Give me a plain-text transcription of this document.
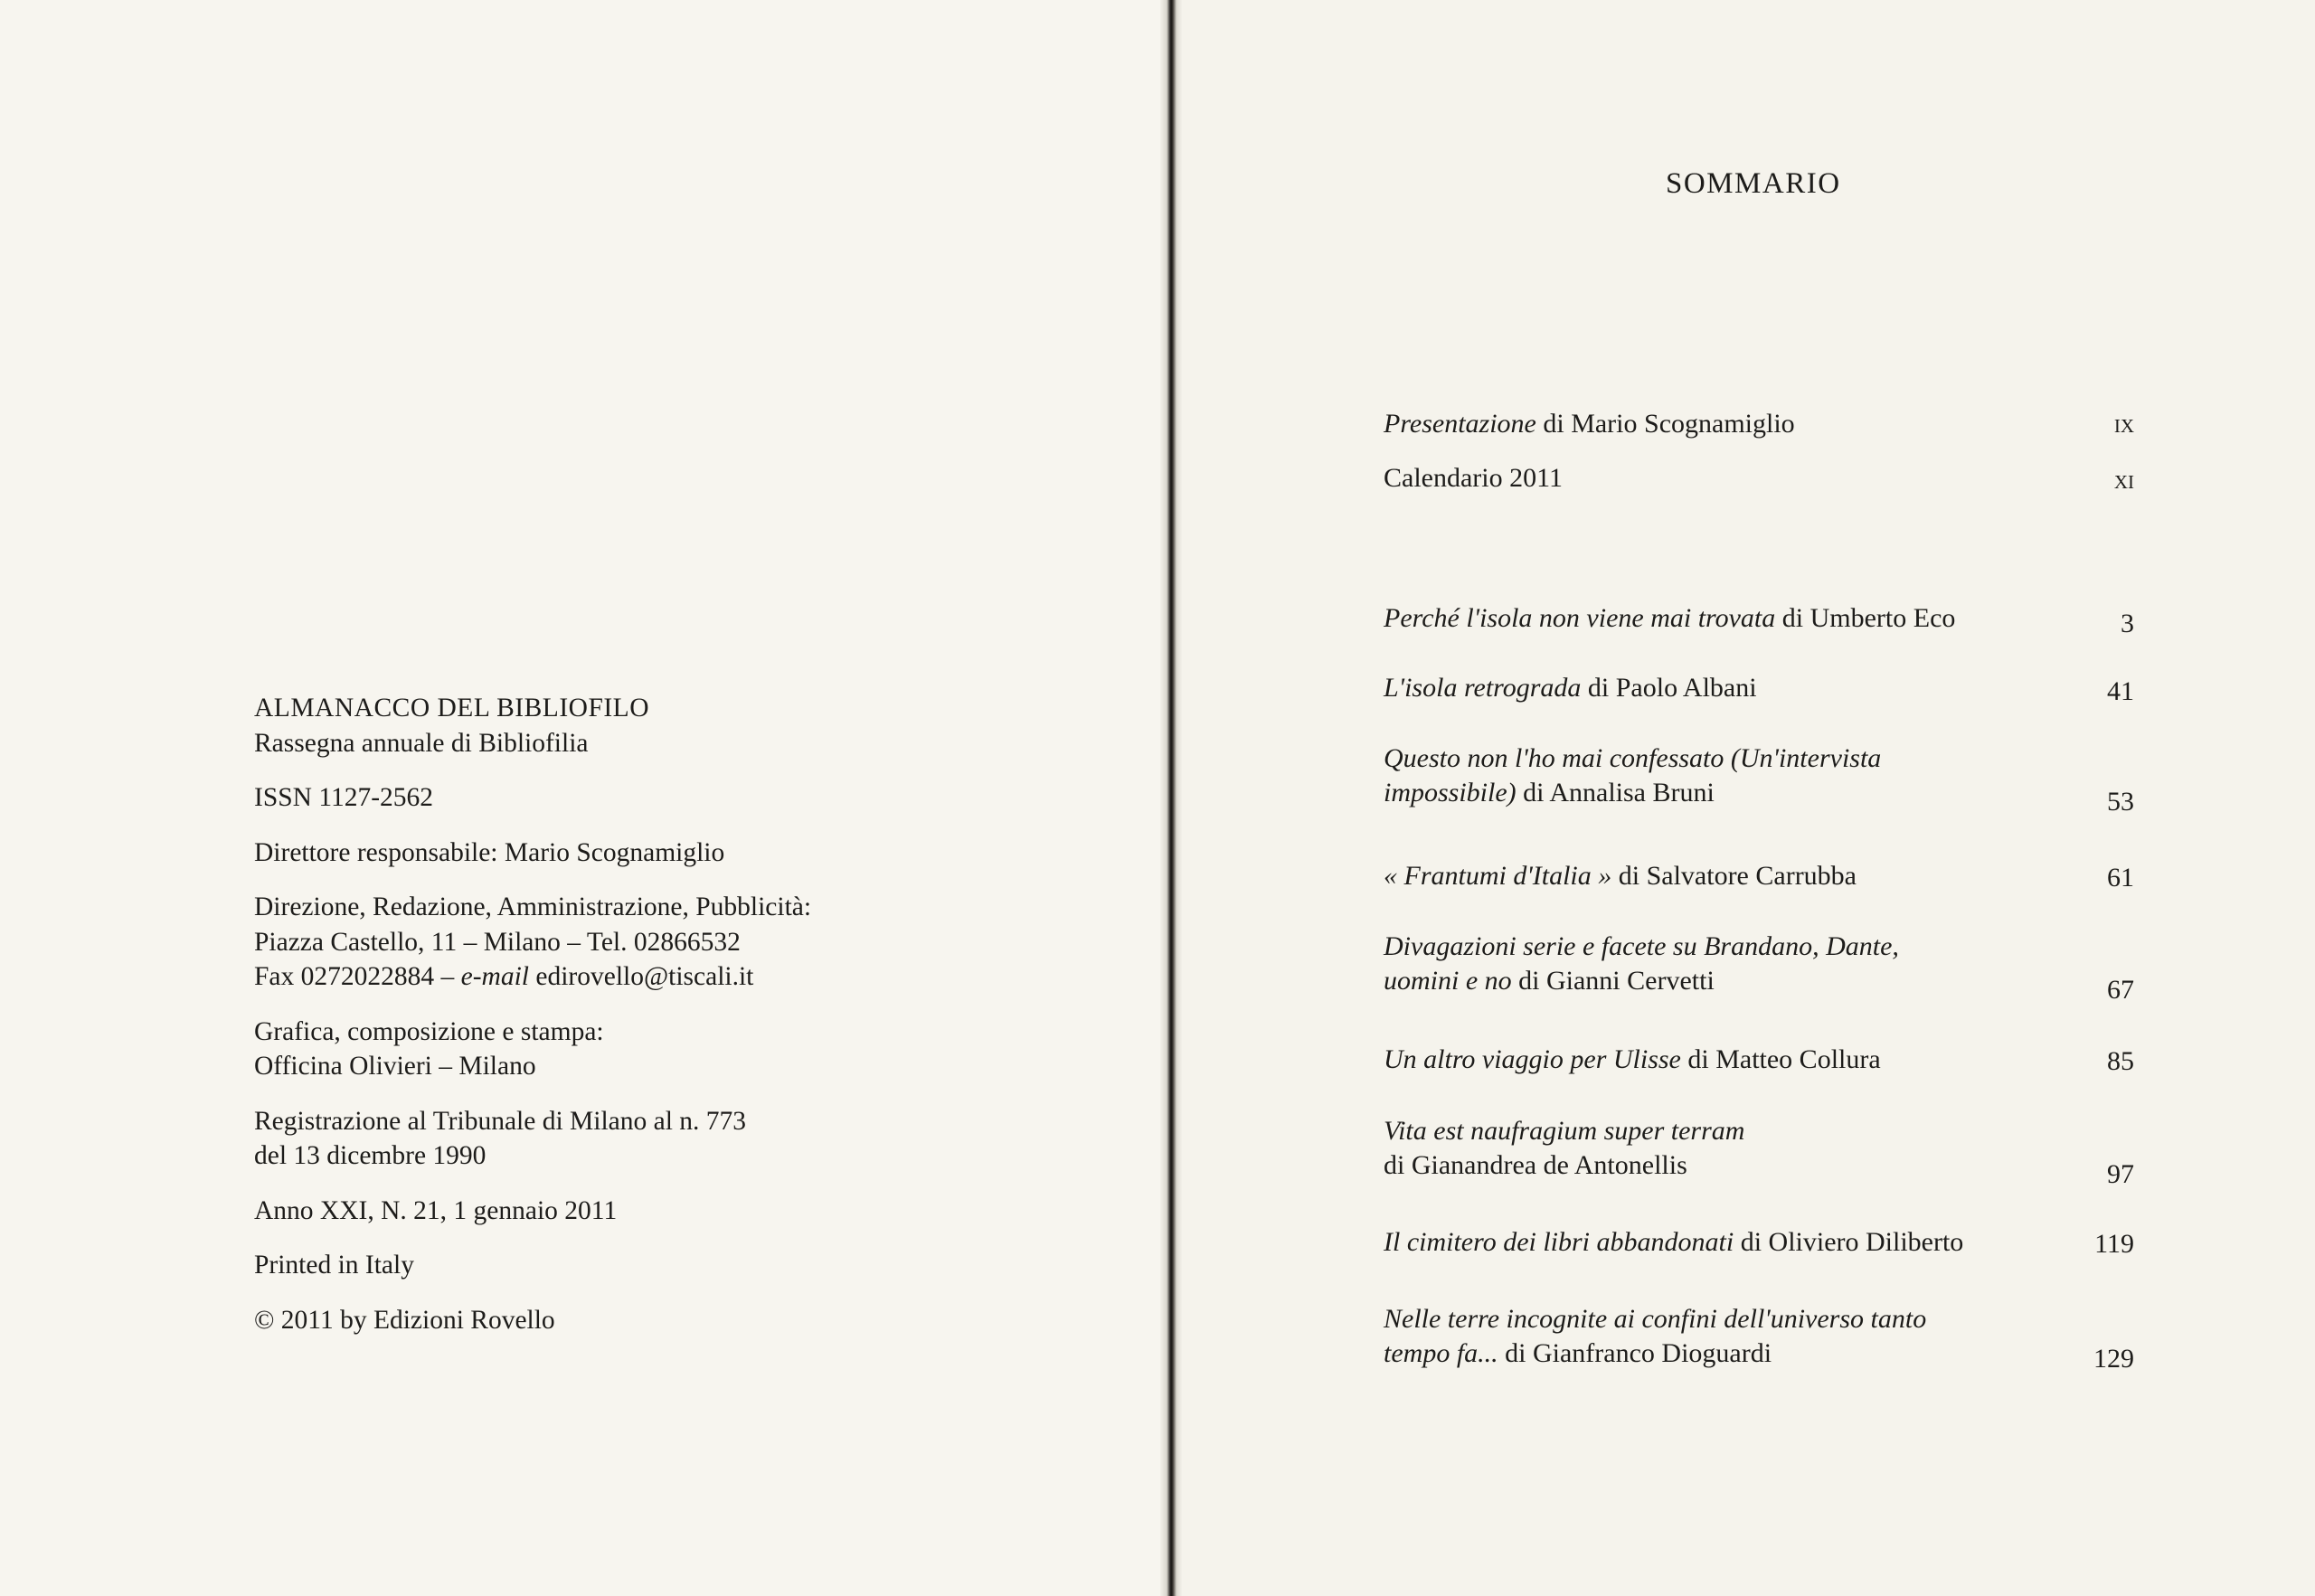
ALMANACCO DEL BIBLIOFILO
Rassegna annuale di Bibliofilia
ISSN 1127-2562
Direttore responsabile: Mario Scognamiglio
Direzione, Redazione, Amministrazione, Pubblicità:
Piazza Castello, 11 – Milano – Tel. 02866532
Fax 0272022884 – e-mail edirovello@tiscali.it
Grafica, composizione e stampa:
Officina Olivieri – Milano
Registrazione al Tribunale di Milano al n. 773
del 13 dicembre 1990
Anno XXI, N. 21, 1 gennaio 2011
Printed in Italy
© 2011 by Edizioni Rovello
SOMMARIO
Presentazione di Mario Scognamiglio	ix
Calendario 2011	xi
Perché l'isola non viene mai trovata di Umberto Eco	3
L'isola retrograda di Paolo Albani	41
Questo non l'ho mai confessato (Un'intervista
impossibile) di Annalisa Bruni	53
« Frantumi d'Italia » di Salvatore Carrubba	61
Divagazioni serie e facete su Brandano, Dante,
uomini e no di Gianni Cervetti	67
Un altro viaggio per Ulisse di Matteo Collura	85
Vita est naufragium super terram
di Gianandrea de Antonellis	97
Il cimitero dei libri abbandonati di Oliviero Diliberto	119
Nelle terre incognite ai confini dell'universo tanto
tempo fa... di Gianfranco Dioguardi	129
